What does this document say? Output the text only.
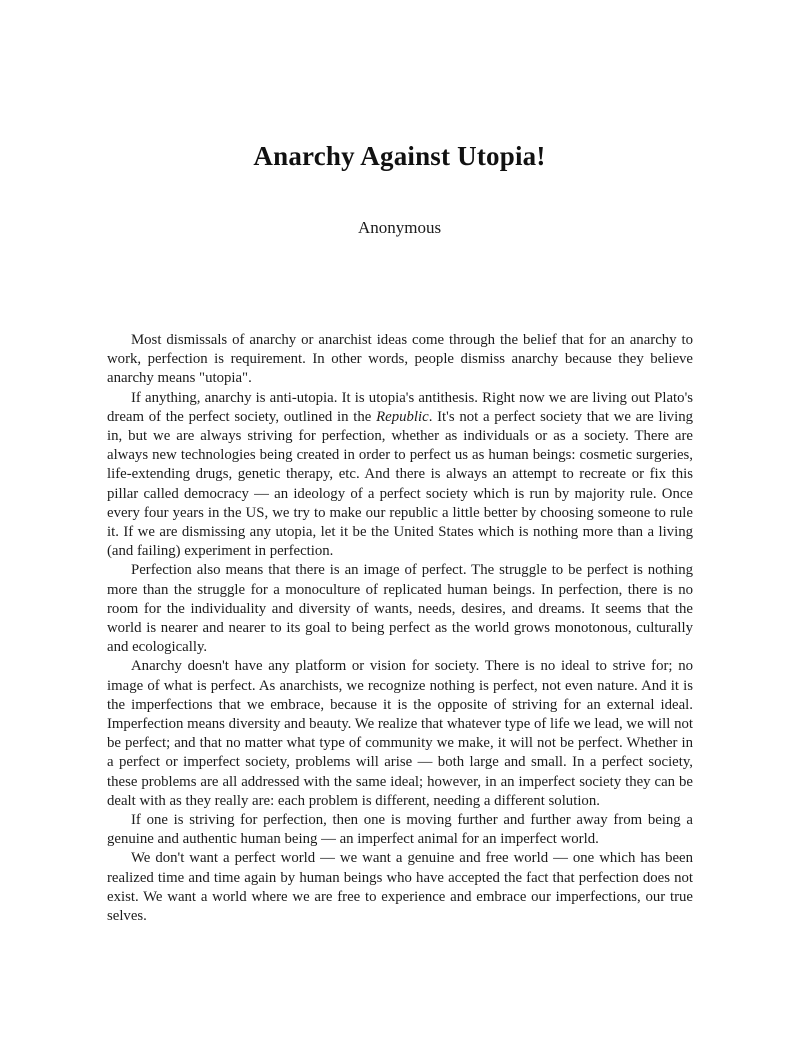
Anarchy Against Utopia!
Anonymous

Most dismissals of anarchy or anarchist ideas come through the belief that for an anarchy to work, perfection is requirement. In other words, people dismiss anarchy because they believe anarchy means "utopia".

If anything, anarchy is anti-utopia. It is utopia's antithesis. Right now we are living out Plato's dream of the perfect society, outlined in the Republic. It's not a perfect society that we are living in, but we are always striving for perfection, whether as individuals or as a society. There are always new technologies being created in order to perfect us as human beings: cosmetic surgeries, life-extending drugs, genetic therapy, etc. And there is always an attempt to recreate or fix this pillar called democracy — an ideology of a perfect society which is run by majority rule. Once every four years in the US, we try to make our republic a little better by choosing someone to rule it. If we are dismissing any utopia, let it be the United States which is nothing more than a living (and failing) experiment in perfection.

Perfection also means that there is an image of perfect. The struggle to be perfect is nothing more than the struggle for a monoculture of replicated human beings. In perfection, there is no room for the individuality and diversity of wants, needs, desires, and dreams. It seems that the world is nearer and nearer to its goal to being perfect as the world grows monotonous, culturally and ecologically.

Anarchy doesn't have any platform or vision for society. There is no ideal to strive for; no image of what is perfect. As anarchists, we recognize nothing is perfect, not even nature. And it is the imperfections that we embrace, because it is the opposite of striving for an external ideal. Imperfection means diversity and beauty. We realize that whatever type of life we lead, we will not be perfect; and that no matter what type of community we make, it will not be perfect. Whether in a perfect or imperfect society, problems will arise — both large and small. In a perfect society, these problems are all addressed with the same ideal; however, in an imperfect society they can be dealt with as they really are: each problem is different, needing a different solution.

If one is striving for perfection, then one is moving further and further away from being a genuine and authentic human being — an imperfect animal for an imperfect world.

We don't want a perfect world — we want a genuine and free world — one which has been realized time and time again by human beings who have accepted the fact that perfection does not exist. We want a world where we are free to experience and embrace our imperfections, our true selves.
